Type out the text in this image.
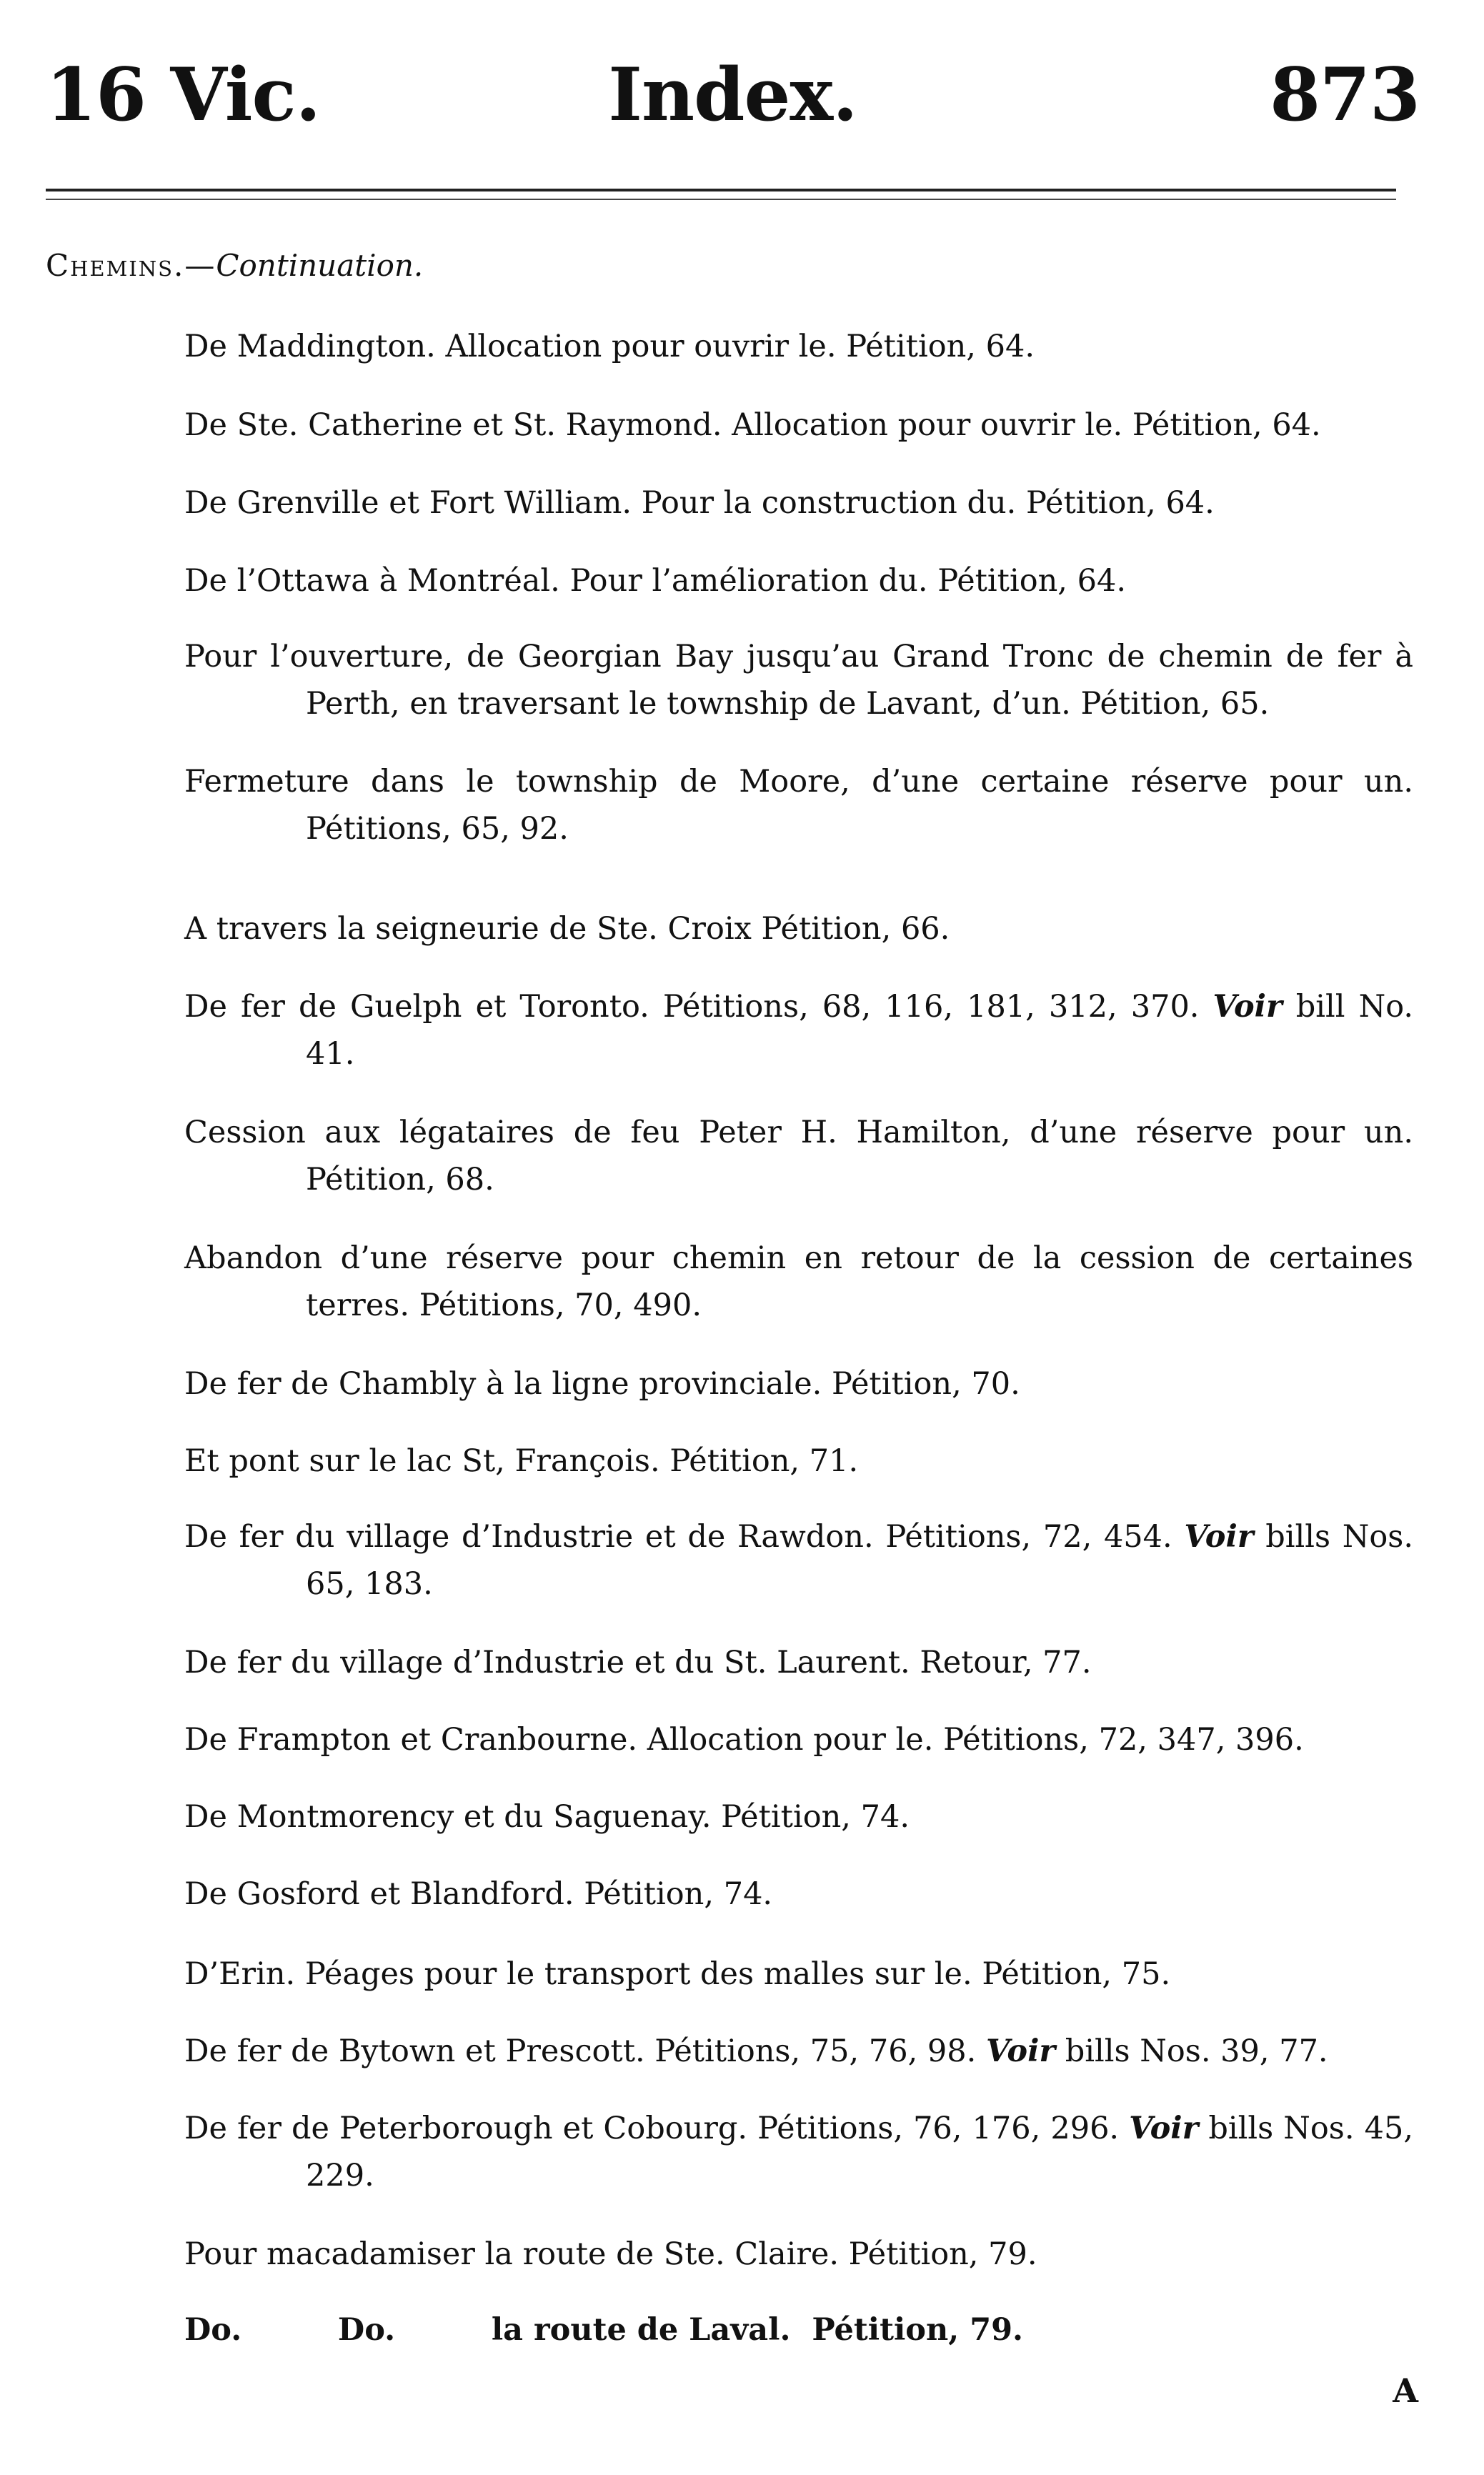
16 Vic.	Index.	873
Chemins.—Continuation.
De Maddington. Allocation pour ouvrir le. Pétition, 64.
De Ste. Catherine et St. Raymond. Allocation pour ouvrir le. Pétition, 64.
De Grenville et Fort William. Pour la construction du. Pétition, 64.
De l’Ottawa à Montréal. Pour l’amélioration du. Pétition, 64.
Pour l’ouverture, de Georgian Bay jusqu’au Grand Tronc de chemin de fer à Perth, en traversant le township de Lavant, d’un. Pétition, 65.
Fermeture dans le township de Moore, d’une certaine réserve pour un. Pétitions, 65, 92.
A travers la seigneurie de Ste. Croix Pétition, 66.
De fer de Guelph et Toronto. Pétitions, 68, 116, 181, 312, 370. Voir bill No. 41.
Cession aux légataires de feu Peter H. Hamilton, d’une réserve pour un. Pétition, 68.
Abandon d’une réserve pour chemin en retour de la cession de certaines terres. Pétitions, 70, 490.
De fer de Chambly à la ligne provinciale. Pétition, 70.
Et pont sur le lac St, François. Pétition, 71.
De fer du village d’Industrie et de Rawdon. Pétitions, 72, 454. Voir bills Nos. 65, 183.
De fer du village d’Industrie et du St. Laurent. Retour, 77.
De Frampton et Cranbourne. Allocation pour le. Pétitions, 72, 347, 396.
De Montmorency et du Saguenay. Pétition, 74.
De Gosford et Blandford. Pétition, 74.
D’Erin. Péages pour le transport des malles sur le. Pétition, 75.
De fer de Bytown et Prescott. Pétitions, 75, 76, 98. Voir bills Nos. 39, 77.
De fer de Peterborough et Cobourg. Pétitions, 76, 176, 296. Voir bills Nos. 45, 229.
Pour macadamiser la route de Ste. Claire. Pétition, 79.
Do.         Do.         la route de Laval.  Pétition, 79.
A
